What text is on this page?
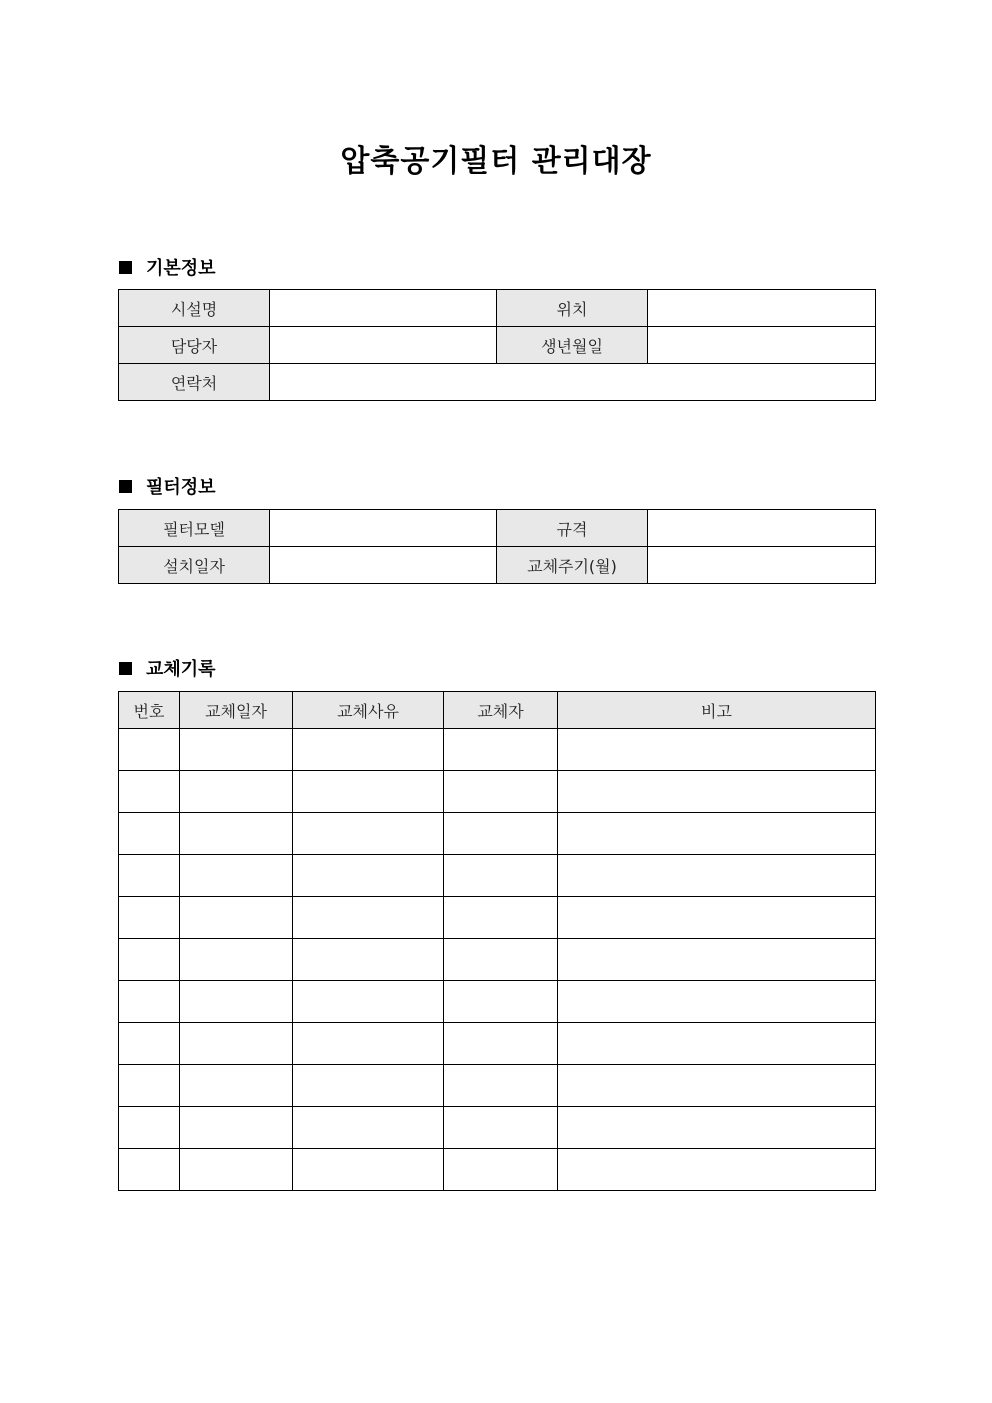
압축공기필터 관리대장
기본정보
시설명		위치	
담당자		생년월일	
연락처			
필터정보
필터모델		규격	
설치일자		교체주기(월)	
교체기록
번호	교체일자	교체사유	교체자	비고
